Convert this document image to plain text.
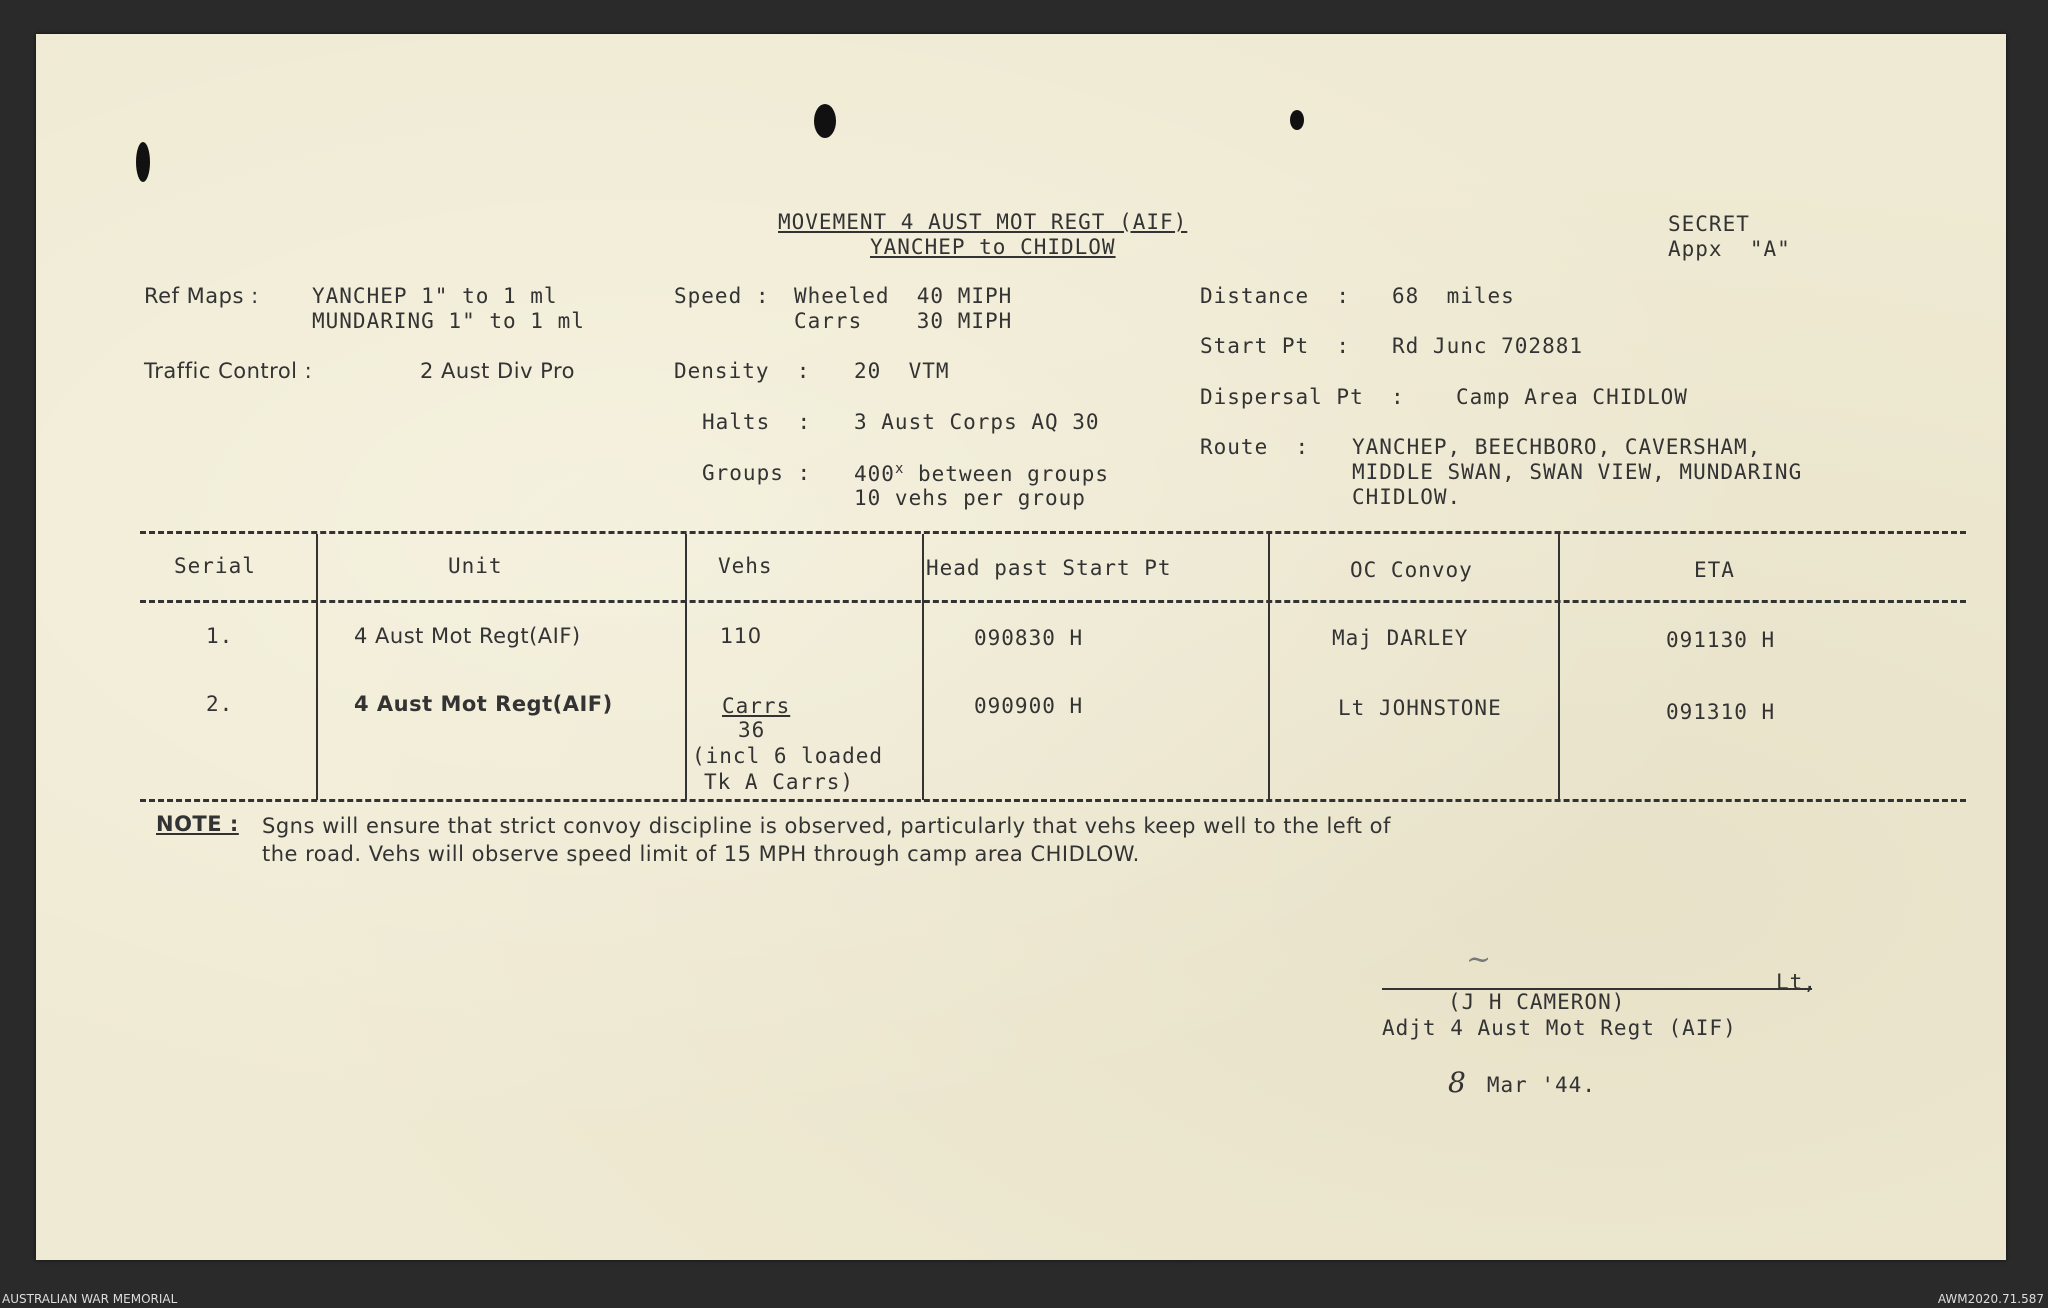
MOVEMENT 4 AUST MOT REGT (AIF)
YANCHEP to CHIDLOW
SECRET
Appx  "A"
Ref Maps :	YANCHEP 1" to 1 ml
MUNDARING 1" to 1 ml
Traffic Control :	2 Aust Div Pro
Speed : Wheeled  40 MIPH
Carrs    30 MIPH
Density  : 20  VTM
Halts  : 3 Aust Corps AQ 30
Groups : 400$^x$ between groups
10 vehs per group
Distance  : 68  miles
Start Pt  : Rd Junc 702881
Dispersal Pt  : Camp Area CHIDLOW
Route  : YANCHEP, BEECHBORO, CAVERSHAM,
MIDDLE SWAN, SWAN VIEW, MUNDARING
CHIDLOW.
Serial	Unit	Vehs	Head past Start Pt	OC Convoy	ETA
1.	4 Aust Mot Regt(AIF)	110	090830 H	Maj DARLEY	091130 H
2.	4 Aust Mot Regt(AIF)	Carrs
36
(incl 6 loaded
Tk A Carrs)
090900 H	Lt JOHNSTONE	091310 H
NOTE : Sgns will ensure that strict convoy discipline is observed, particularly that vehs keep well to the left of
the road. Vehs will observe speed limit of 15 MPH through camp area CHIDLOW.
~
Lt,
(J H CAMERON)
Adjt 4 Aust Mot Regt (AIF)
8 Mar '44.
AUSTRALIAN WAR MEMORIAL	AWM2020.71.587
